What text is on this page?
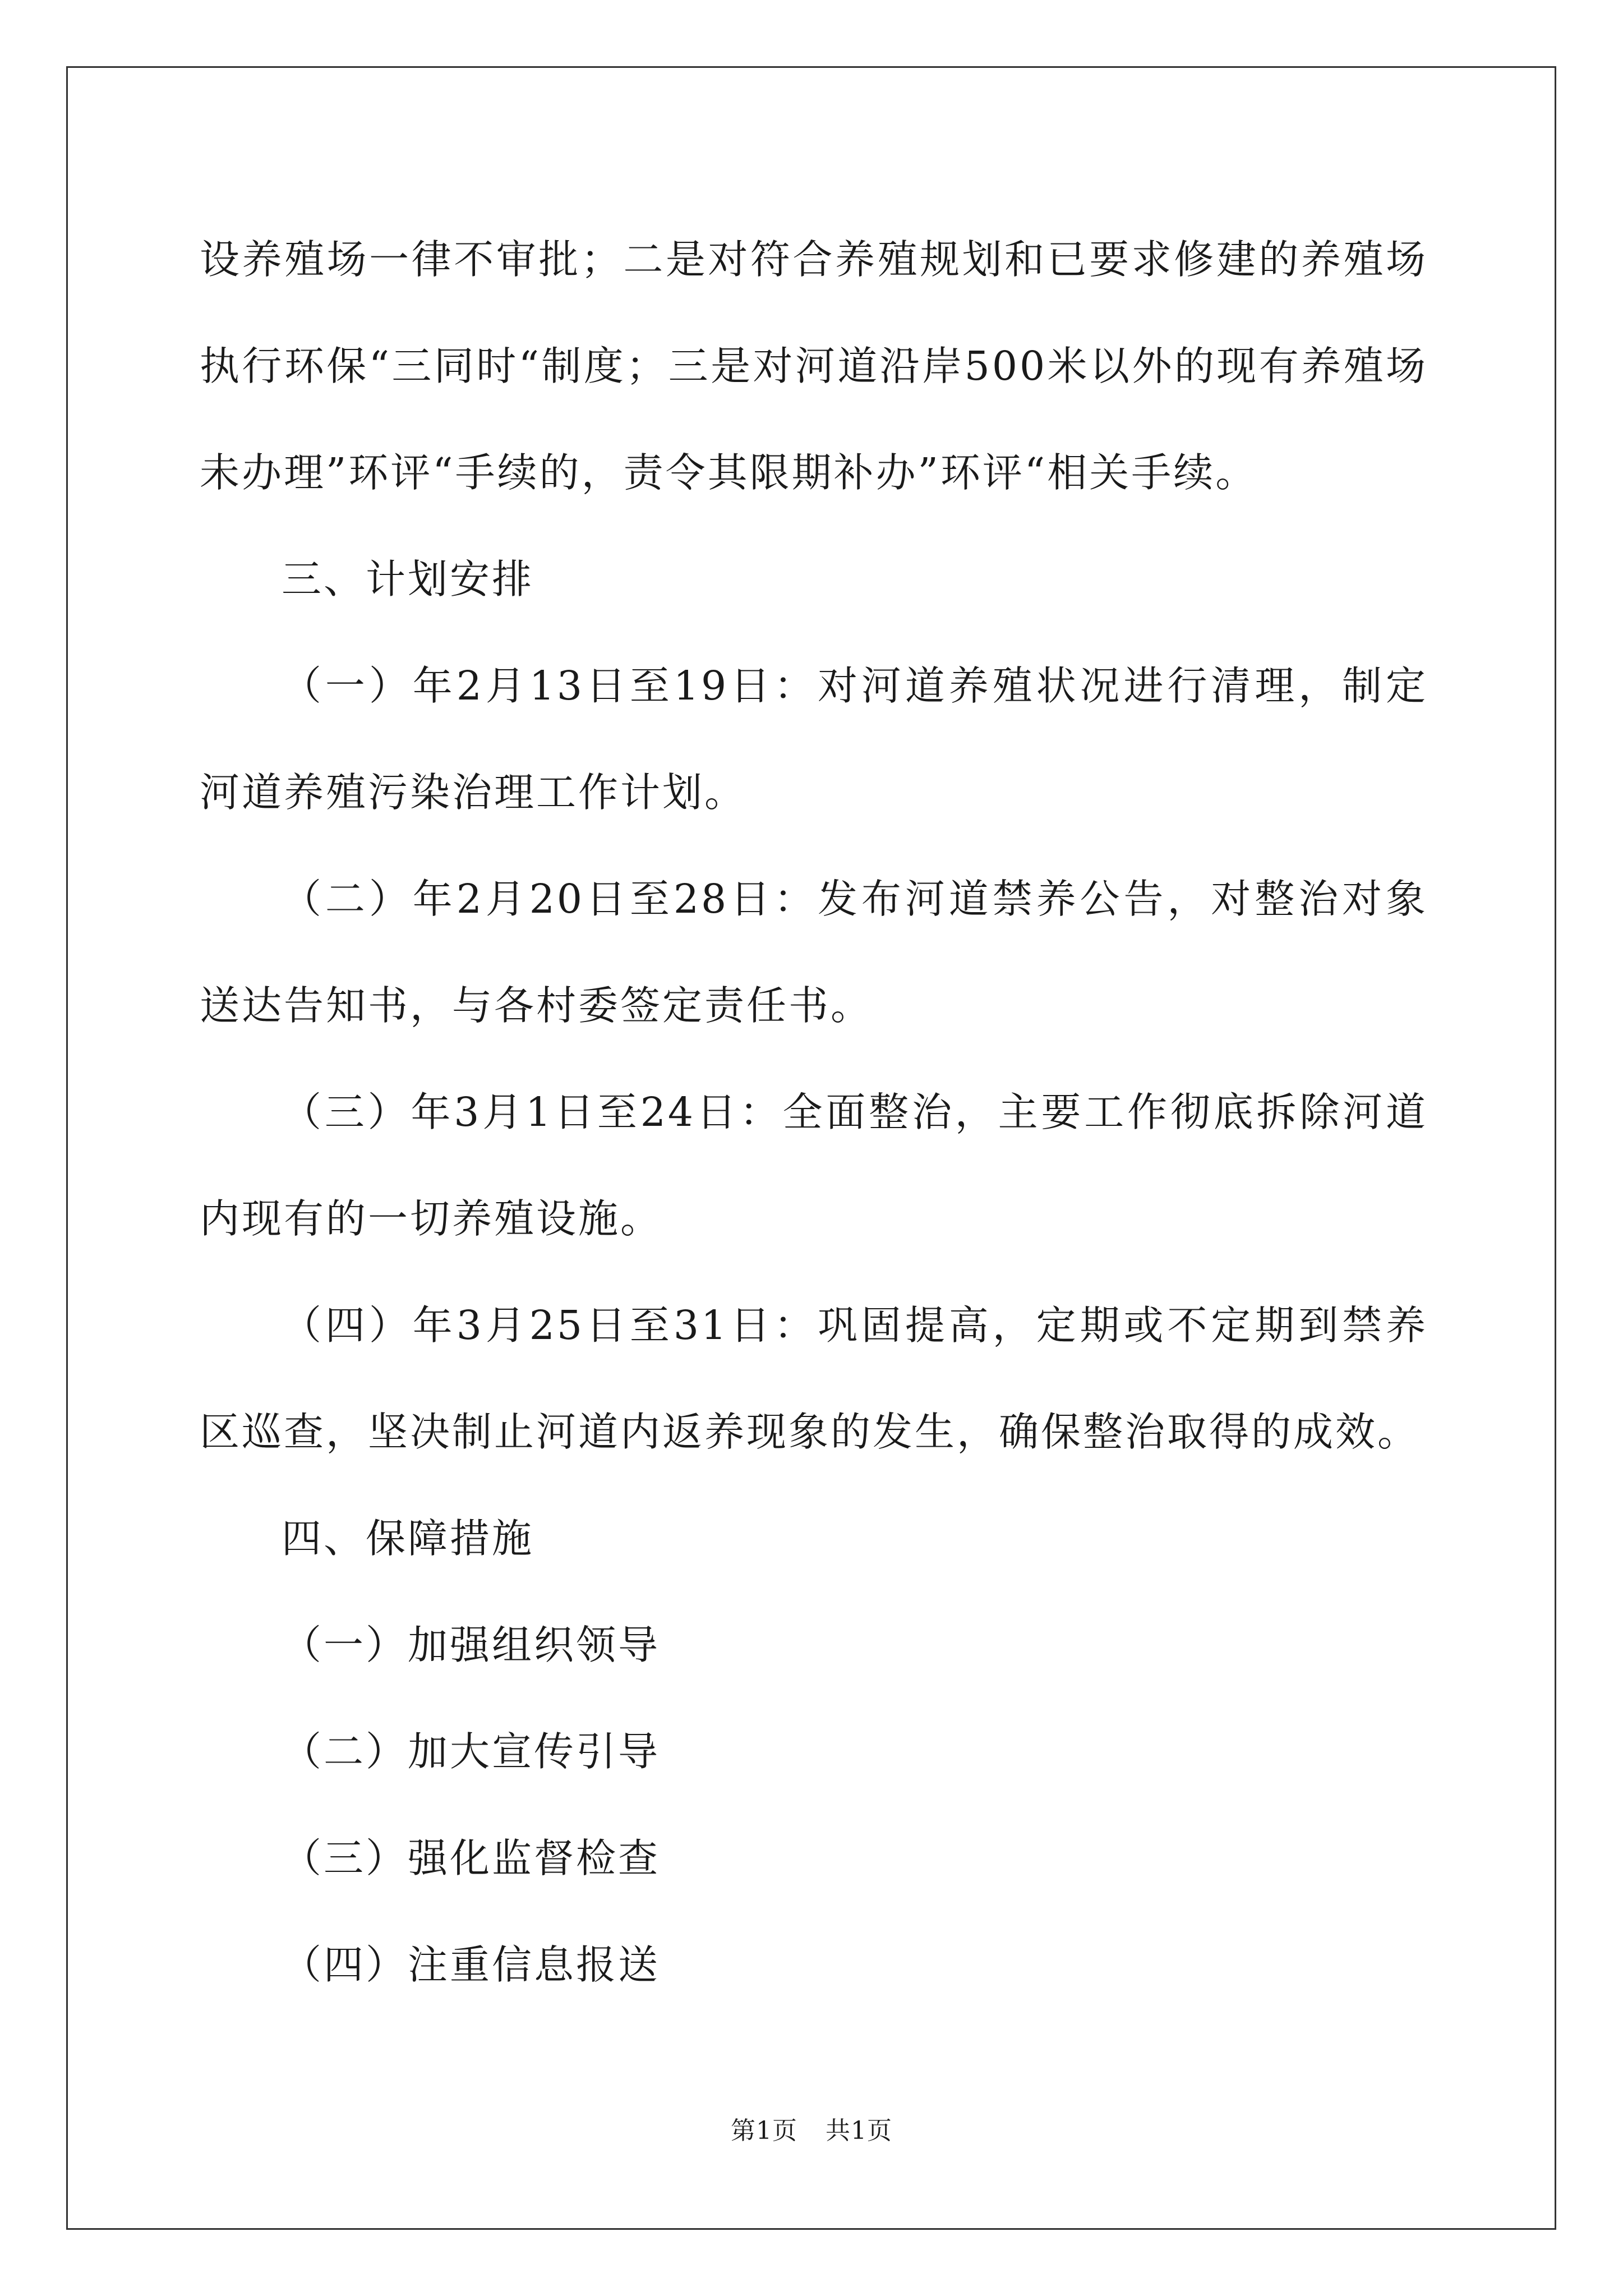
设养殖场一律不审批；二是对符合养殖规划和已要求修建的养殖场执行环保“三同时“制度；三是对河道沿岸500米以外的现有养殖场未办理”环评“手续的，责令其限期补办”环评“相关手续。

三、计划安排

（一）年2月13日至19日：对河道养殖状况进行清理，制定河道养殖污染治理工作计划。

（二）年2月20日至28日：发布河道禁养公告，对整治对象送达告知书，与各村委签定责任书。

（三）年3月1日至24日：全面整治，主要工作彻底拆除河道内现有的一切养殖设施。

（四）年3月25日至31日：巩固提高，定期或不定期到禁养区巡查，坚决制止河道内返养现象的发生，确保整治取得的成效。

四、保障措施

（一）加强组织领导

（二）加大宣传引导

（三）强化监督检查

（四）注重信息报送

第1页 共1页
